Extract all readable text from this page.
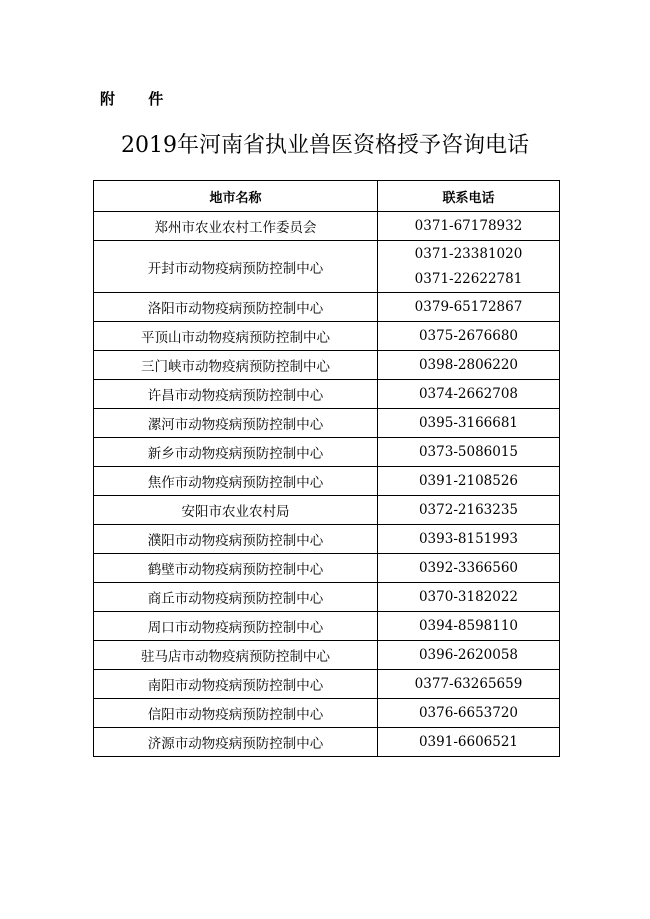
附 件
2019年河南省执业兽医资格授予咨询电话
地市名称	联系电话
郑州市农业农村工作委员会	0371-67178932

开封市动物疫病预防控制中心	0371-23381020
0371-22622781

洛阳市动物疫病预防控制中心	0379-65172867

平顶山市动物疫病预防控制中心	0375-2676680

三门峡市动物疫病预防控制中心	0398-2806220

许昌市动物疫病预防控制中心	0374-2662708

漯河市动物疫病预防控制中心	0395-3166681

新乡市动物疫病预防控制中心	0373-5086015

焦作市动物疫病预防控制中心	0391-2108526

安阳市农业农村局	0372-2163235

濮阳市动物疫病预防控制中心	0393-8151993

鹤壁市动物疫病预防控制中心	0392-3366560

商丘市动物疫病预防控制中心	0370-3182022

周口市动物疫病预防控制中心	0394-8598110

驻马店市动物疫病预防控制中心	0396-2620058

南阳市动物疫病预防控制中心	0377-63265659

信阳市动物疫病预防控制中心	0376-6653720

济源市动物疫病预防控制中心	0391-6606521
